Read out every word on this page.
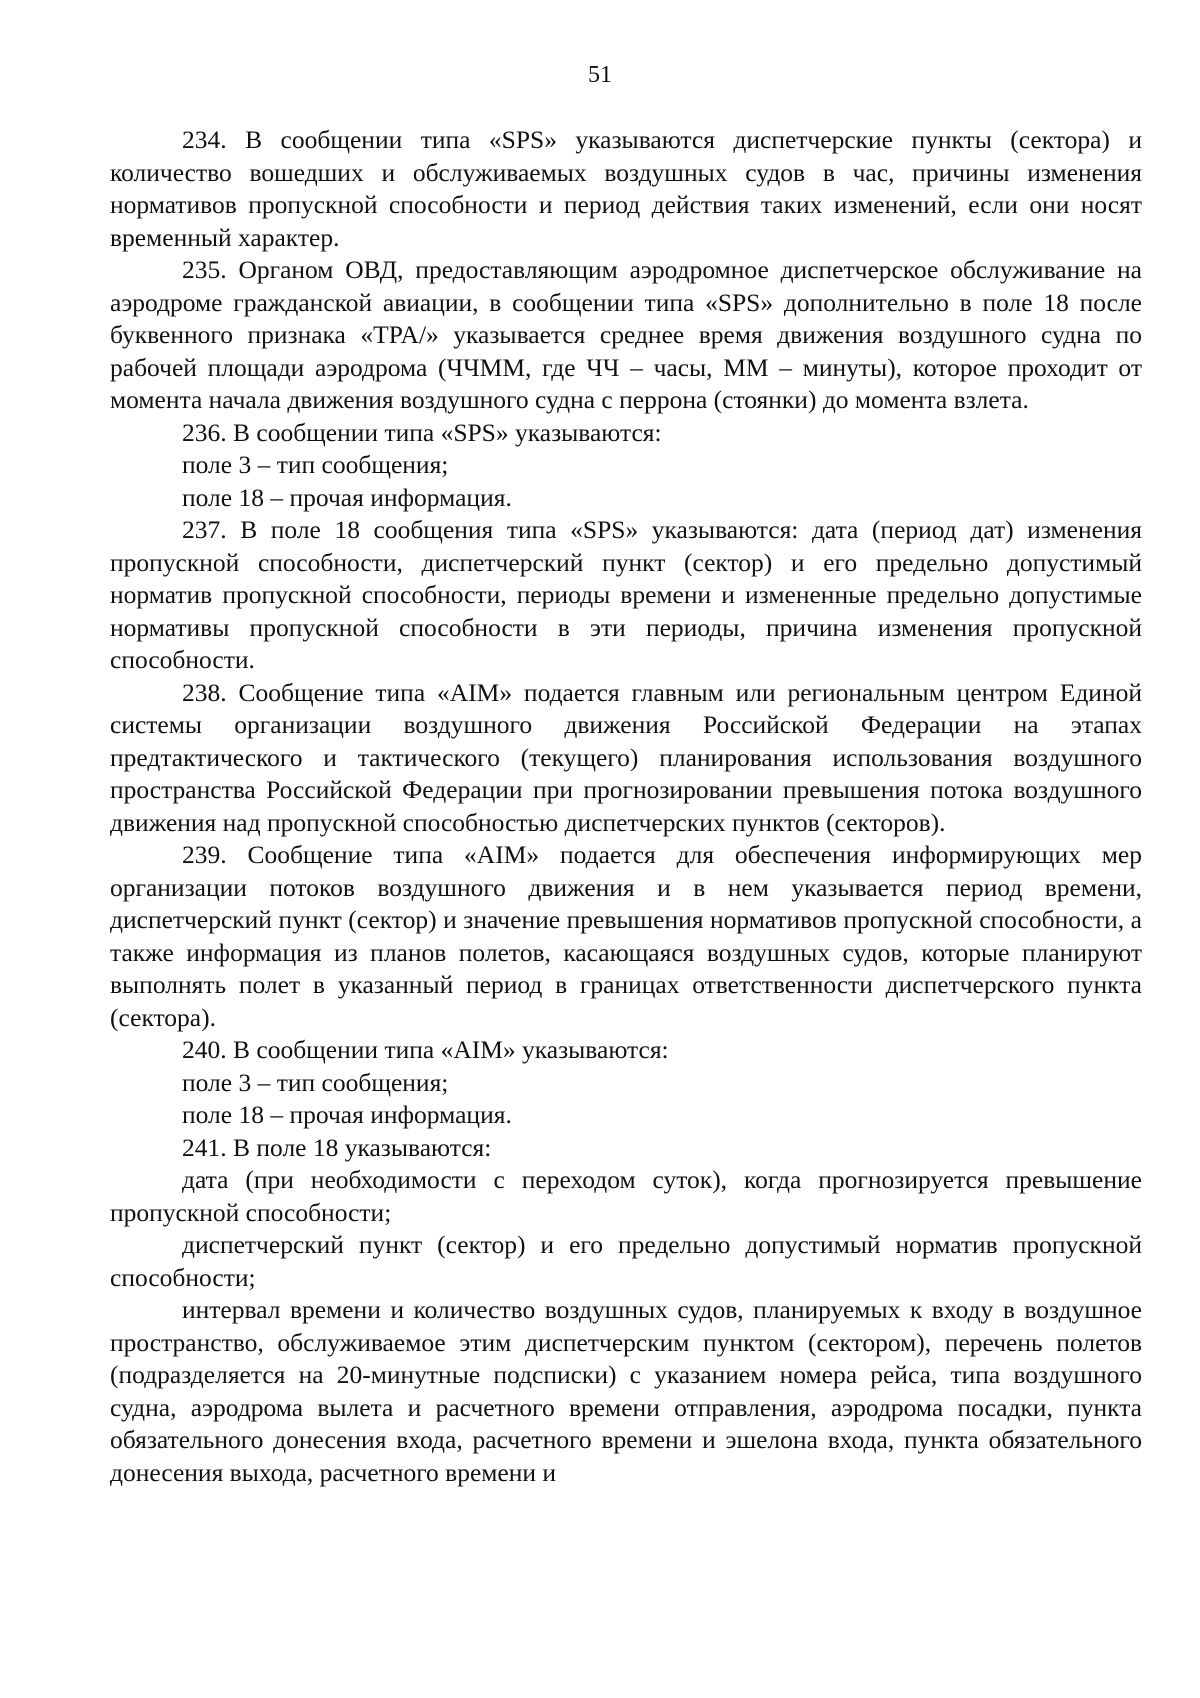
51

234. В сообщении типа «SPS» указываются диспетчерские пункты (сектора) и количество вошедших и обслуживаемых воздушных судов в час, причины изменения нормативов пропускной способности и период действия таких изменений, если они носят временный характер.

235. Органом ОВД, предоставляющим аэродромное диспетчерское обслуживание на аэродроме гражданской авиации, в сообщении типа «SPS» дополнительно в поле 18 после буквенного признака «TPA/» указывается среднее время движения воздушного судна по рабочей площади аэродрома (ЧЧММ, где ЧЧ – часы, ММ – минуты), которое проходит от момента начала движения воздушного судна с перрона (стоянки) до момента взлета.

236. В сообщении типа «SPS» указываются:

поле 3 – тип сообщения;

поле 18 – прочая информация.

237. В поле 18 сообщения типа «SPS» указываются: дата (период дат) изменения пропускной способности, диспетчерский пункт (сектор) и его предельно допустимый норматив пропускной способности, периоды времени и измененные предельно допустимые нормативы пропускной способности в эти периоды, причина изменения пропускной способности.

238. Сообщение типа «AIM» подается главным или региональным центром Единой системы организации воздушного движения Российской Федерации на этапах предтактического и тактического (текущего) планирования использования воздушного пространства Российской Федерации при прогнозировании превышения потока воздушного движения над пропускной способностью диспетчерских пунктов (секторов).

239. Сообщение типа «AIM» подается для обеспечения информирующих мер организации потоков воздушного движения и в нем указывается период времени, диспетчерский пункт (сектор) и значение превышения нормативов пропускной способности, а также информация из планов полетов, касающаяся воздушных судов, которые планируют выполнять полет в указанный период в границах ответственности диспетчерского пункта (сектора).

240. В сообщении типа «AIM» указываются:

поле 3 – тип сообщения;

поле 18 – прочая информация.

241. В поле 18 указываются:

дата (при необходимости с переходом суток), когда прогнозируется превышение пропускной способности;

диспетчерский пункт (сектор) и его предельно допустимый норматив пропускной способности;

интервал времени и количество воздушных судов, планируемых к входу в воздушное пространство, обслуживаемое этим диспетчерским пунктом (сектором), перечень полетов (подразделяется на 20-минутные подсписки) с указанием номера рейса, типа воздушного судна, аэродрома вылета и расчетного времени отправления, аэродрома посадки, пункта обязательного донесения входа, расчетного времени и эшелона входа, пункта обязательного донесения выхода, расчетного времени и
